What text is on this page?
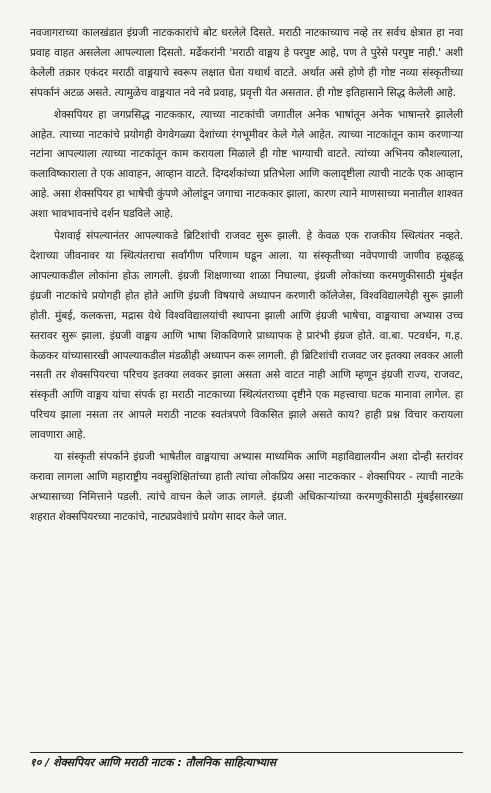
नवजागराच्या कालखंडात इंग्रजी नाटककारांचे बोट धरलेले दिसते. मराठी नाटकाच्याच नव्हे तर सर्वच क्षेत्रात हा नवा प्रवाह वाहत असलेला आपल्याला दिसतो. मर्ढेकरांनी 'मराठी वाङ्मय हे परपुष्ट आहे, पण ते पुरेसे परपुष्ट नाही.' अशी केलेली तक्रार एकंदर मराठी वाङ्मयाचे स्वरूप लक्षात घेता यथार्थ वाटते. अर्थात असे होणे ही गोष्ट नव्या संस्कृतीच्या संपर्कानं अटळ असते. त्यामुळेच वाङ्मयात नवे नवे प्रवाह, प्रवृत्ती येत असतात. ही गोष्ट इतिहासाने सिद्ध केलेली आहे.

शेक्सपियर हा जगप्रसिद्ध नाटककार, त्याच्या नाटकांची जगातील अनेक भाषांतून अनेक भाषान्तरे झालेली आहेत. त्याच्या नाटकांचे प्रयोगही वेगवेगळ्या देशांच्या रंगभूमीवर केले गेले आहेत. त्याच्या नाटकांतून काम करणाऱ्या नटांना आपल्याला त्याच्या नाटकांतून काम करायला मिळाले ही गोष्ट भाग्याची वाटते. त्यांच्या अभिनय कौशल्याला, कलाविष्काराला ते एक आवाहन, आव्हान वाटते. दिग्दर्शकांच्या प्रतिभेला आणि कलादृष्टीला त्याची नाटके एक आव्हान आहे. असा शेक्सपियर हा भाषेची कुंपणे ओलांडून जगाचा नाटककार झाला, कारण त्याने माणसाच्या मनातील शाश्वत अशा भावभावनांचे दर्शन घडविले आहे.

पेशवाई संपल्यानंतर आपल्याकडे ब्रिटिशांची राजवट सुरू झाली. हे केवळ एक राजकीय स्थित्यंतर नव्हते. देशाच्या जीवनावर या स्थित्यंतराचा सर्वांगीण परिणाम घडून आला. या संस्कृतीच्या नवेपणाची जाणीव हळूहळू आपल्याकडील लोकांना होऊ लागली. इंग्रजी शिक्षणाच्या शाळा निघाल्या, इंग्रजी लोकांच्या करमणुकीसाठी मुंबईत इंग्रजी नाटकांचे प्रयोगही होत होते आणि इंग्रजी विषयाचे अध्यापन करणारी कॉलेजेस, विश्वविद्यालयेही सुरू झाली होती. मुंबई, कलकत्ता, मद्रास येथे विश्वविद्यालयांची स्थापना झाली आणि इंग्रजी भाषेचा, वाङ्मयाचा अभ्यास उच्च स्तरावर सुरू झाला. इंग्रजी वाङ्मय आणि भाषा शिकविणारे प्राध्यापक हे प्रारंभी इंग्रज होते. वा.बा. पटवर्धन, ग.ह. केळकर यांच्यासारखी आपल्याकडील मंडळीही अध्यापन करू लागली. ही ब्रिटिशांची राजवट जर इतक्या लवकर आली नसती तर शेक्सपियरचा परिचय इतक्या लवकर झाला असता असे वाटत नाही आणि म्हणून इंग्रजी राज्य, राजवट, संस्कृती आणि वाङ्मय यांचा संपर्क हा मराठी नाटकाच्या स्थित्यंतराच्या दृष्टीने एक महत्त्वाचा घटक मानावा लागेल. हा परिचय झाला नसता तर आपले मराठी नाटक स्वतंत्रपणे विकसित झाले असते काय? हाही प्रश्न विचार करायला लावणारा आहे.

या संस्कृती संपर्काने इंग्रजी भाषेतील वाङ्मयाचा अभ्यास माध्यमिक आणि महाविद्यालयीन अशा दोन्ही स्तरांवर करावा लागला आणि महाराष्ट्रीय नवसुशिक्षितांच्या हाती त्यांचा लोकप्रिय असा नाटककार - शेक्सपियर - त्याची नाटके अभ्यासाच्या निमित्ताने पडली. त्यांचे वाचन केले जाऊ लागले. इंग्रजी अधिकाऱ्यांच्या करमणुकीसाठी मुंबईसारख्या शहरात शेक्सपियरच्या नाटकांचे, नाट्यप्रवेशांचे प्रयोग सादर केले जात.

१० / शेक्सपियर आणि मराठी नाटक : तौलनिक साहित्याभ्यास
